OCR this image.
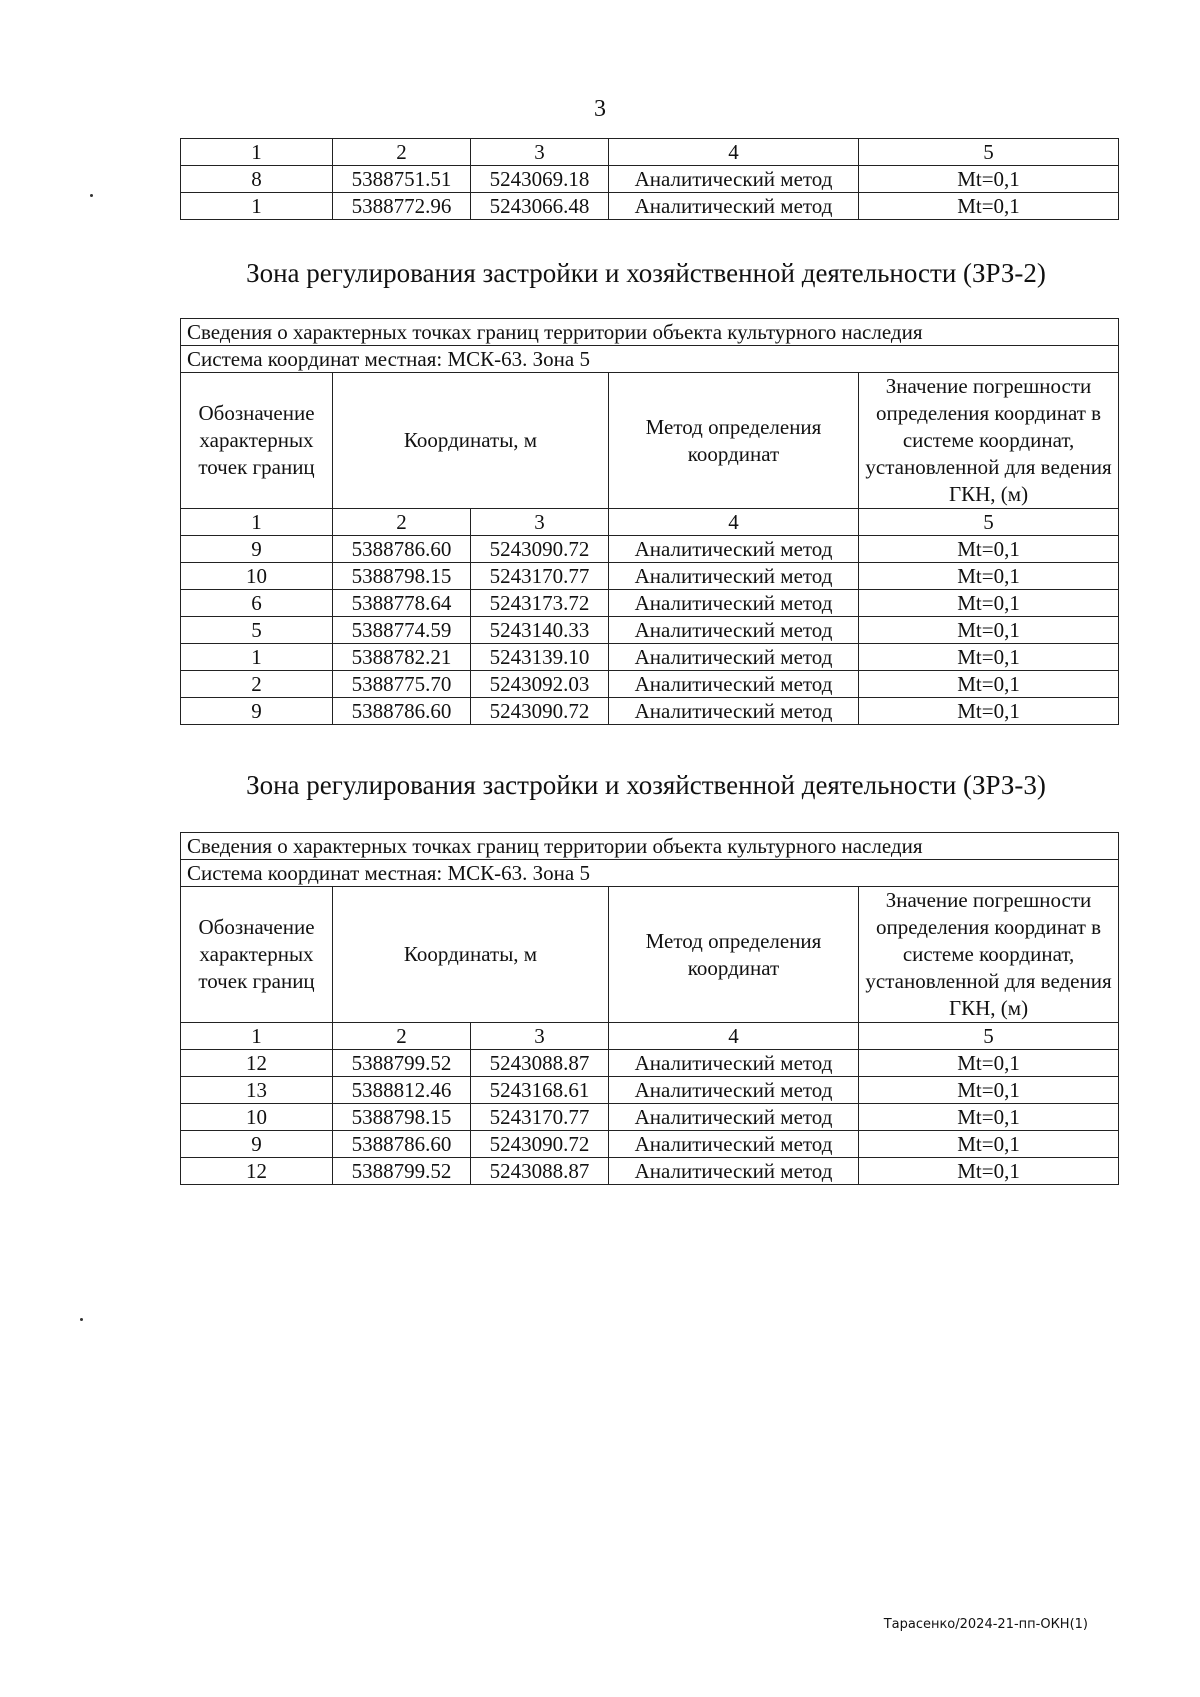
3
1	2	3	4	5
8	5388751.51	5243069.18	Аналитический метод	Mt=0,1
1	5388772.96	5243066.48	Аналитический метод	Mt=0,1
Зона регулирования застройки и хозяйственной деятельности (ЗРЗ-2)
Сведения о характерных точках границ территории объекта культурного наследия				
Система координат местная: МСК-63. Зона 5				
Обозначение характерных точек границ	Координаты, м		Метод определения координат	Значение погрешности определения координат в системе координат, установленной для ведения ГКН, (м)
1	2	3	4	5
9	5388786.60	5243090.72	Аналитический метод	Mt=0,1
10	5388798.15	5243170.77	Аналитический метод	Mt=0,1
6	5388778.64	5243173.72	Аналитический метод	Mt=0,1
5	5388774.59	5243140.33	Аналитический метод	Mt=0,1
1	5388782.21	5243139.10	Аналитический метод	Mt=0,1
2	5388775.70	5243092.03	Аналитический метод	Mt=0,1
9	5388786.60	5243090.72	Аналитический метод	Mt=0,1
Зона регулирования застройки и хозяйственной деятельности (ЗРЗ-3)
Сведения о характерных точках границ территории объекта культурного наследия				
Система координат местная: МСК-63. Зона 5				
Обозначение характерных точек границ	Координаты, м		Метод определения координат	Значение погрешности определения координат в системе координат, установленной для ведения ГКН, (м)
1	2	3	4	5
12	5388799.52	5243088.87	Аналитический метод	Mt=0,1
13	5388812.46	5243168.61	Аналитический метод	Mt=0,1
10	5388798.15	5243170.77	Аналитический метод	Mt=0,1
9	5388786.60	5243090.72	Аналитический метод	Mt=0,1
12	5388799.52	5243088.87	Аналитический метод	Mt=0,1
Тарасенко/2024-21-пп-ОКН(1)
